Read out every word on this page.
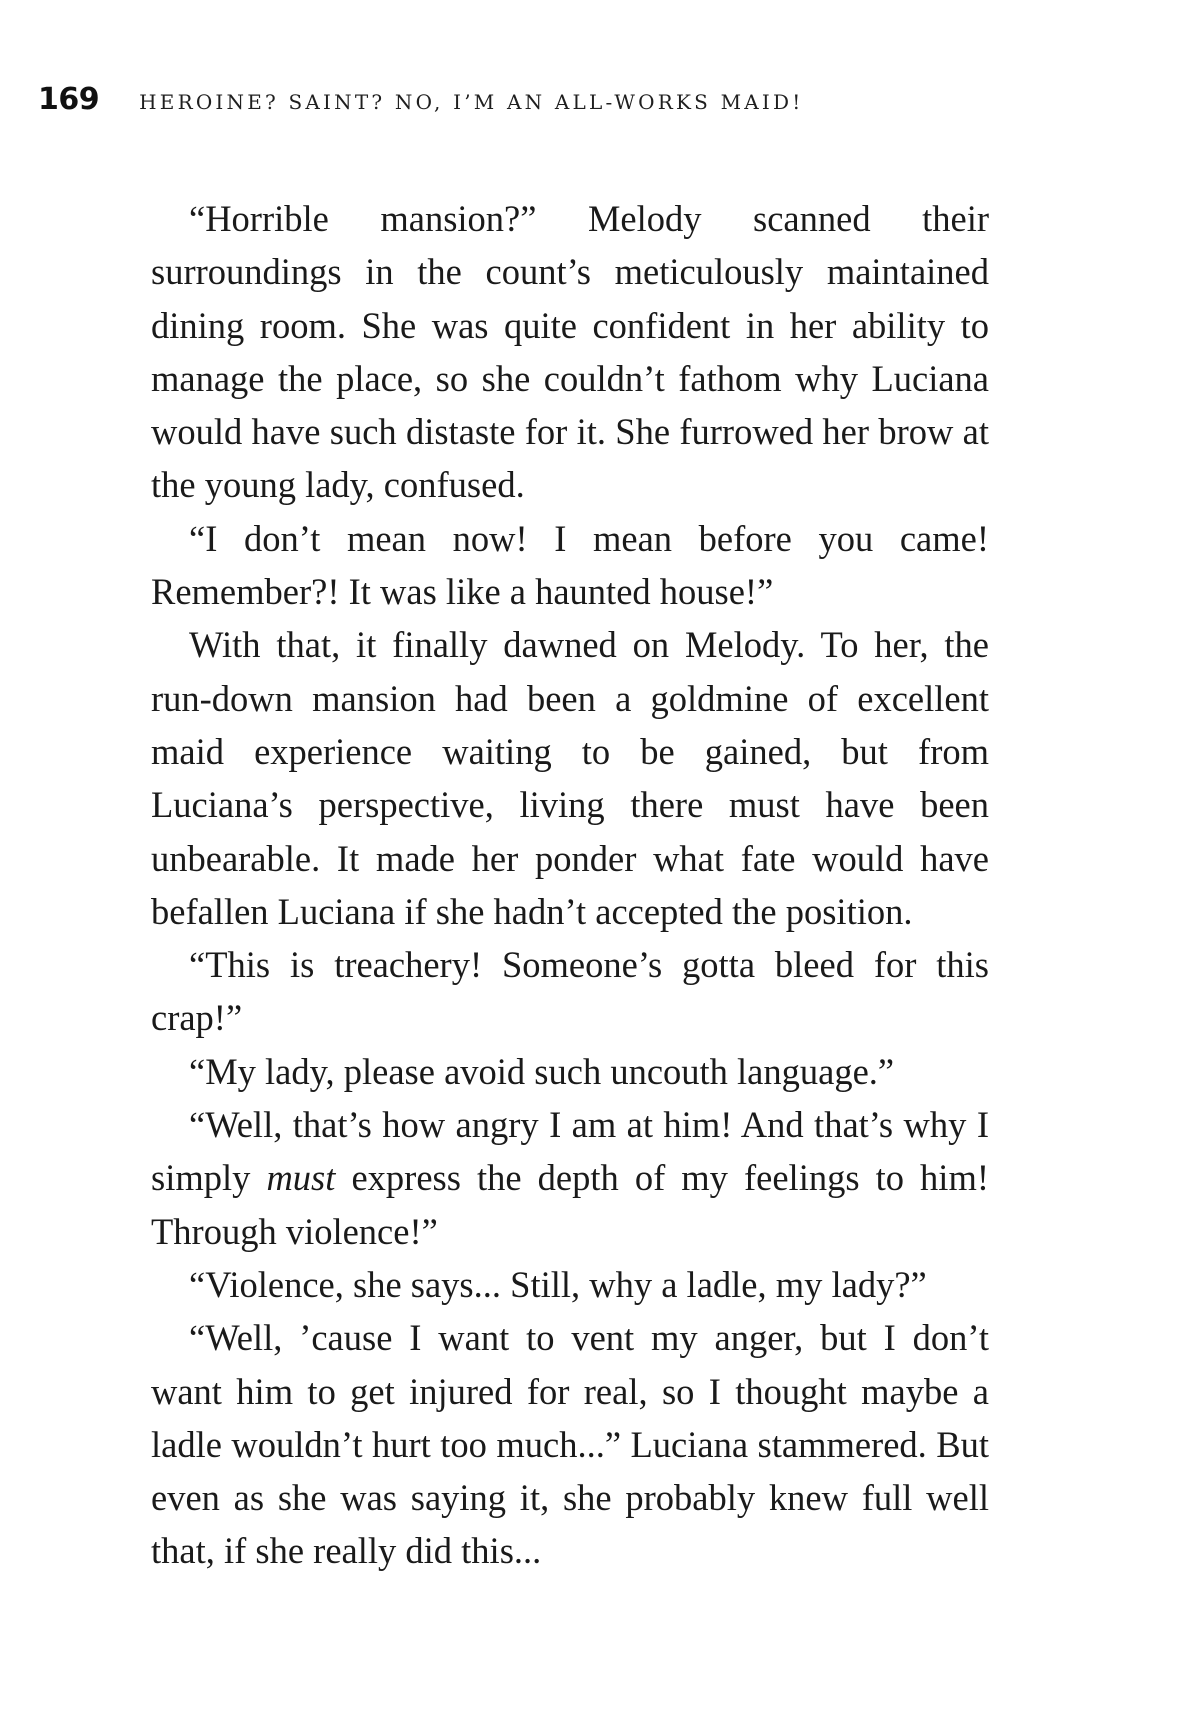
169 HEROINE? SAINT? NO, I’M AN ALL-WORKS MAID!

“Horrible mansion?” Melody scanned their surroundings in the count’s meticulously maintained dining room. She was quite confident in her ability to manage the place, so she couldn’t fathom why Luciana would have such distaste for it. She furrowed her brow at the young lady, confused.

“I don’t mean now! I mean before you came! Remember?! It was like a haunted house!”

With that, it finally dawned on Melody. To her, the run-down mansion had been a goldmine of excellent maid experience waiting to be gained, but from Luciana’s perspective, living there must have been unbearable. It made her ponder what fate would have befallen Luciana if she hadn’t accepted the position.

“This is treachery! Someone’s gotta bleed for this crap!”

“My lady, please avoid such uncouth language.”

“Well, that’s how angry I am at him! And that’s why I simply must express the depth of my feelings to him! Through violence!”

“Violence, she says... Still, why a ladle, my lady?”

“Well, ’cause I want to vent my anger, but I don’t want him to get injured for real, so I thought maybe a ladle wouldn’t hurt too much...” Luciana stammered. But even as she was saying it, she probably knew full well that, if she really did this...
